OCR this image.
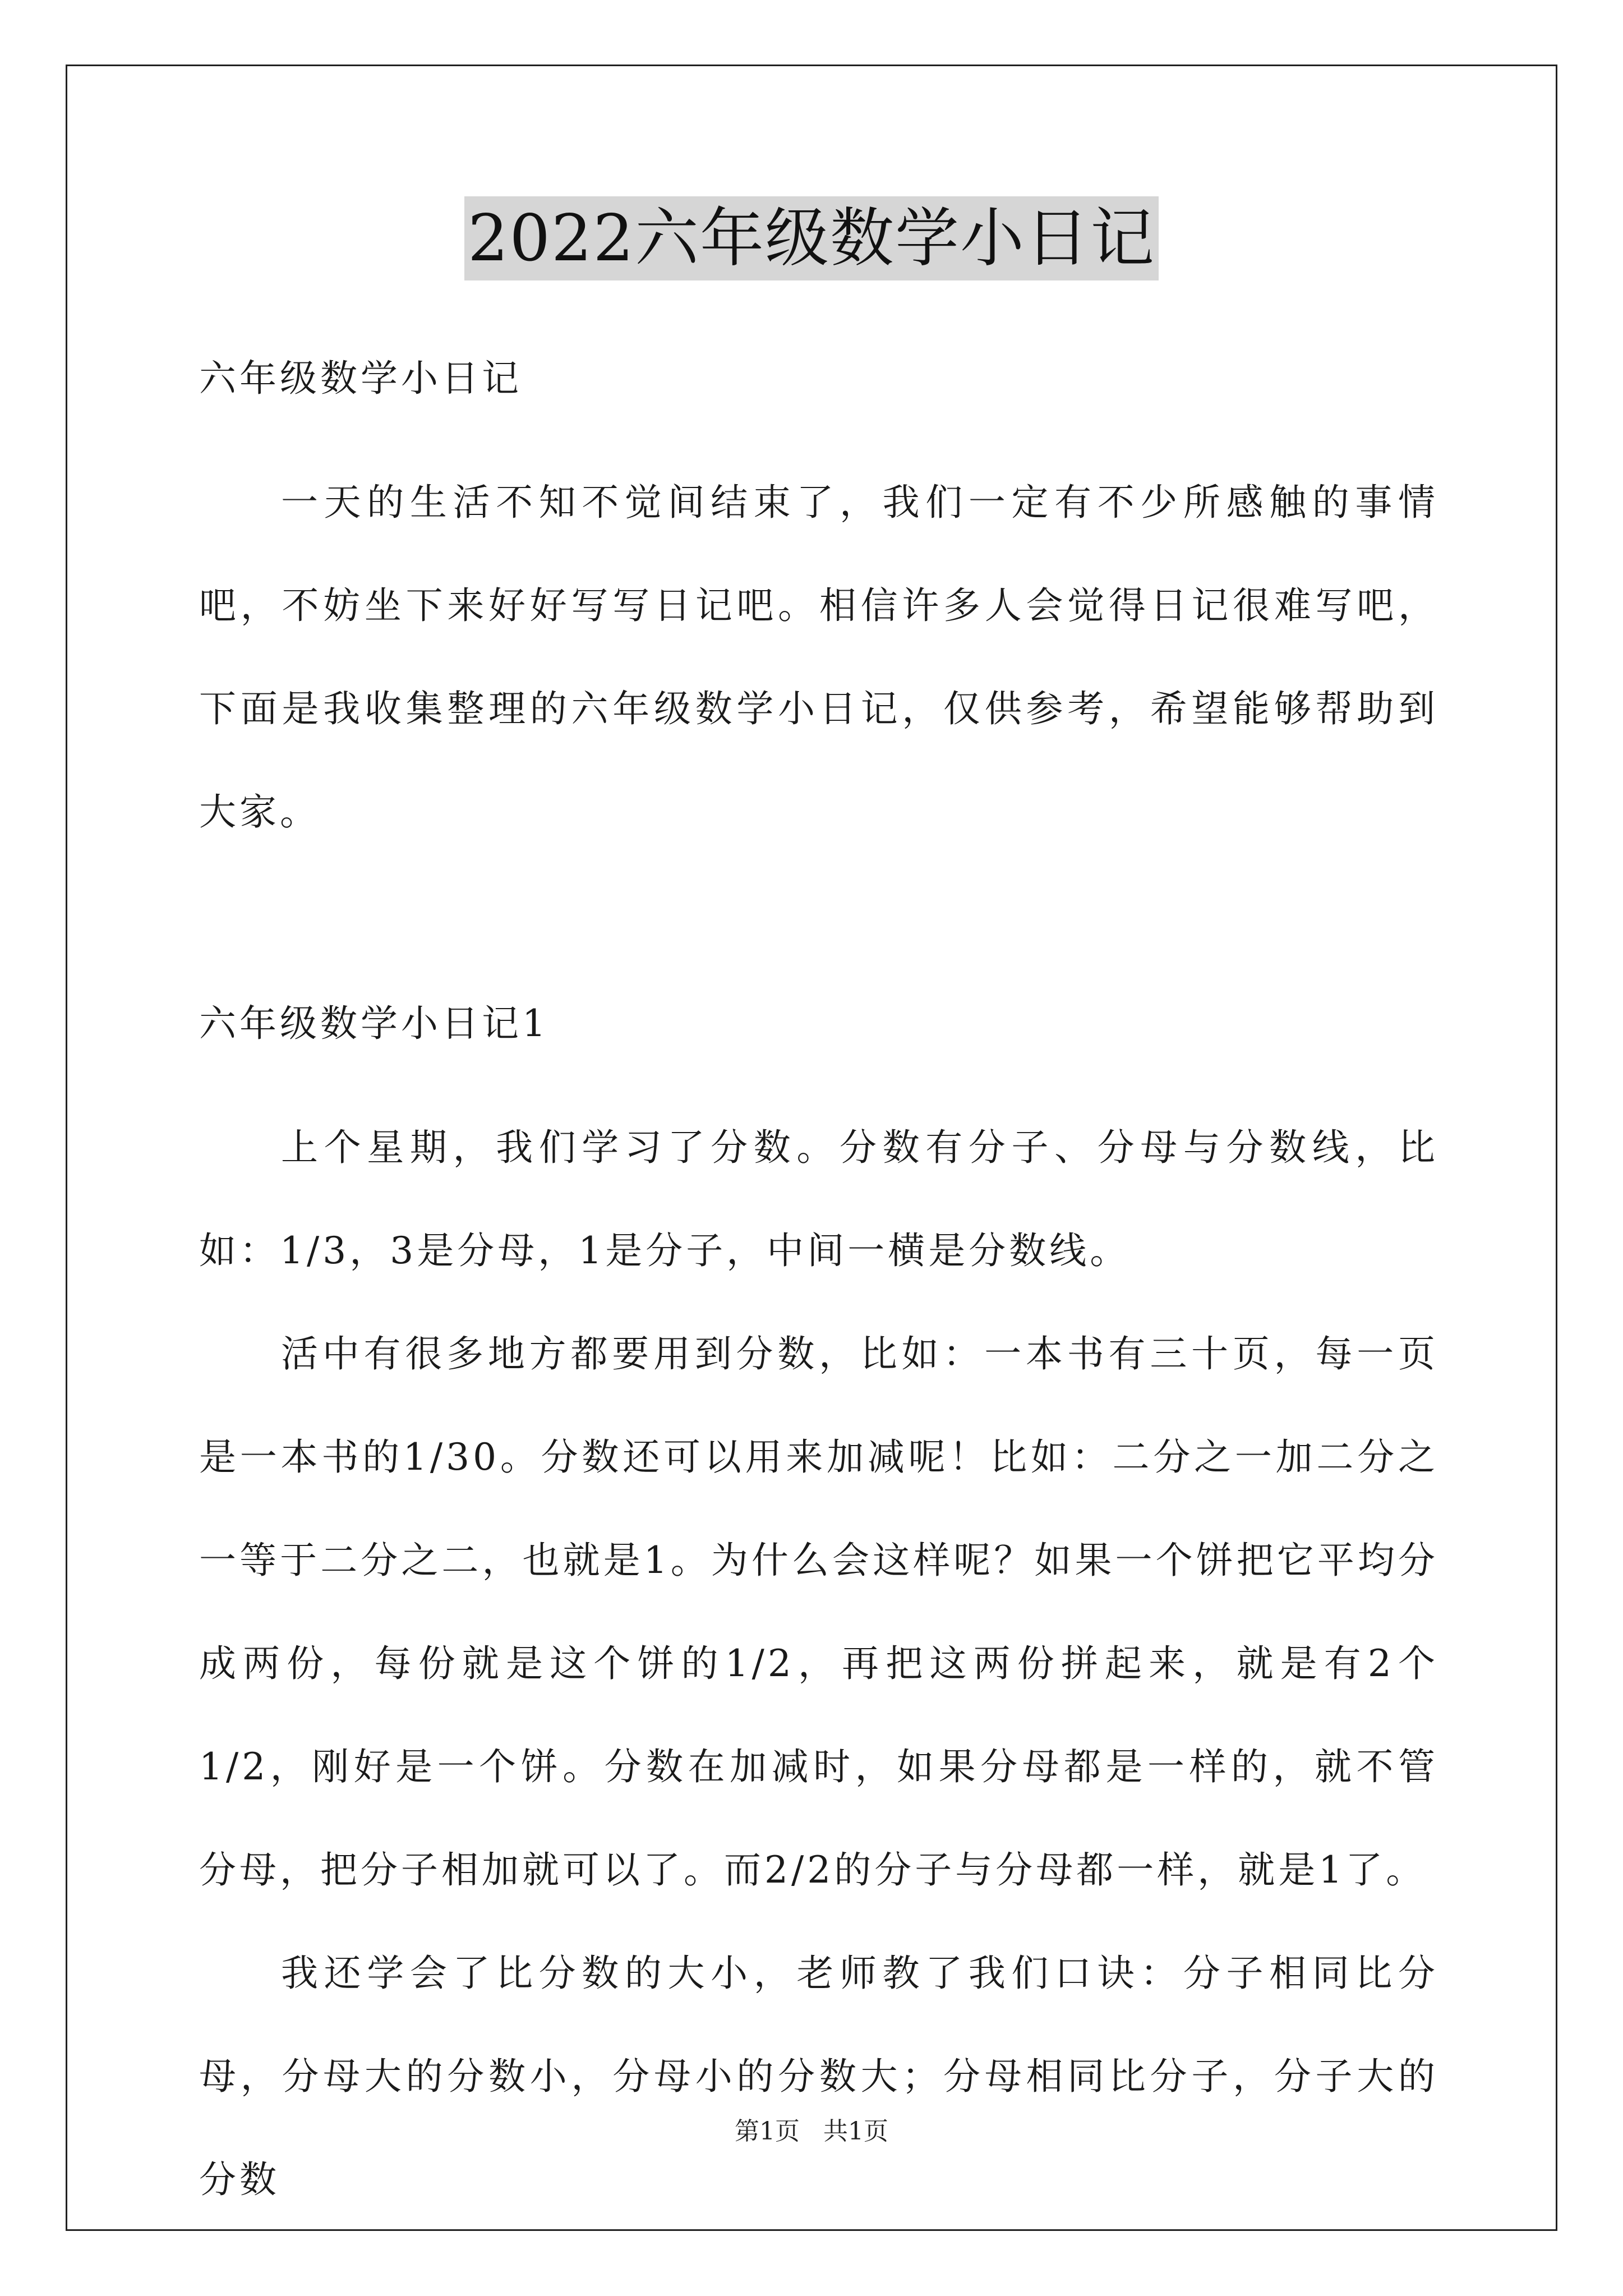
2022六年级数学小日记
六年级数学小日记

一天的生活不知不觉间结束了，我们一定有不少所感触的事情吧，不妨坐下来好好写写日记吧。相信许多人会觉得日记很难写吧，下面是我收集整理的六年级数学小日记，仅供参考，希望能够帮助到大家。

六年级数学小日记1

上个星期，我们学习了分数。分数有分子、分母与分数线，比如：1/3，3是分母，1是分子，中间一横是分数线。

活中有很多地方都要用到分数，比如：一本书有三十页，每一页是一本书的1/30。分数还可以用来加减呢！比如：二分之一加二分之一等于二分之二，也就是1。为什么会这样呢？如果一个饼把它平均分成两份，每份就是这个饼的1/2，再把这两份拼起来，就是有2个1/2，刚好是一个饼。分数在加减时，如果分母都是一样的，就不管分母，把分子相加就可以了。而2/2的分子与分母都一样，就是1了。

我还学会了比分数的大小，老师教了我们口诀：分子相同比分母，分母大的分数小，分母小的分数大；分母相同比分子，分子大的分数

第1页 共1页
